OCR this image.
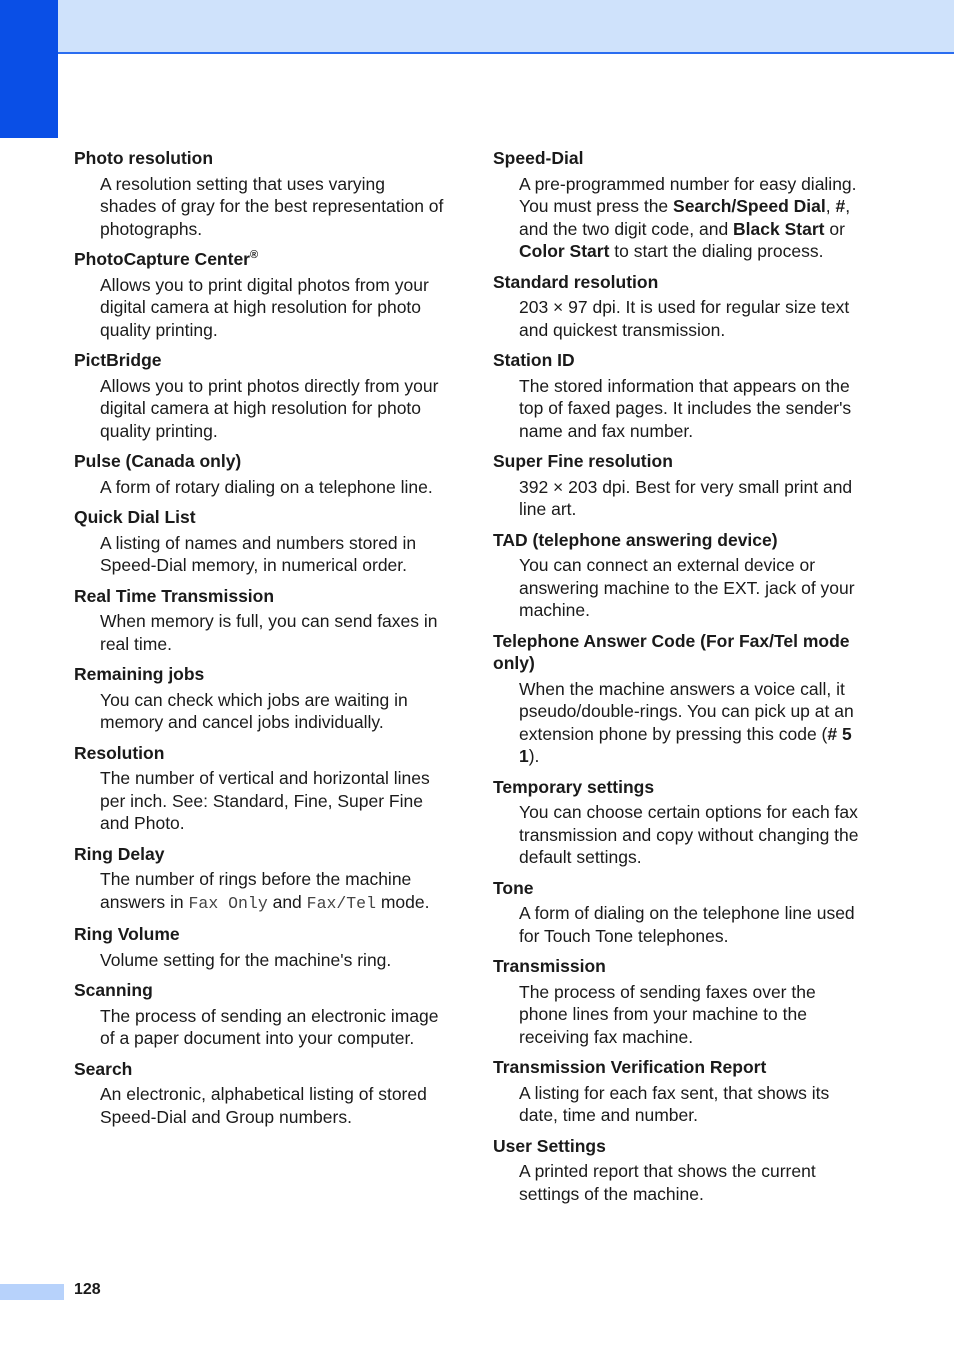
Photo resolution

A resolution setting that uses varying shades of gray for the best representation of photographs.

PhotoCapture Center®

Allows you to print digital photos from your digital camera at high resolution for photo quality printing.

PictBridge

Allows you to print photos directly from your digital camera at high resolution for photo quality printing.

Pulse (Canada only)

A form of rotary dialing on a telephone line.

Quick Dial List

A listing of names and numbers stored in Speed-Dial memory, in numerical order.

Real Time Transmission

When memory is full, you can send faxes in real time.

Remaining jobs

You can check which jobs are waiting in memory and cancel jobs individually.

Resolution

The number of vertical and horizontal lines per inch. See: Standard, Fine, Super Fine and Photo.

Ring Delay

The number of rings before the machine answers in Fax Only and Fax/Tel mode.

Ring Volume

Volume setting for the machine's ring.

Scanning

The process of sending an electronic image of a paper document into your computer.

Search

An electronic, alphabetical listing of stored Speed-Dial and Group numbers.

Speed-Dial

A pre-programmed number for easy dialing. You must press the Search/Speed Dial, #, and the two digit code, and Black Start or Color Start to start the dialing process.

Standard resolution

203 × 97 dpi. It is used for regular size text and quickest transmission.

Station ID

The stored information that appears on the top of faxed pages. It includes the sender's name and fax number.

Super Fine resolution

392 × 203 dpi. Best for very small print and line art.

TAD (telephone answering device)

You can connect an external device or answering machine to the EXT. jack of your machine.

Telephone Answer Code (For Fax/Tel mode only)

When the machine answers a voice call, it pseudo/double-rings. You can pick up at an extension phone by pressing this code (# 5 1).

Temporary settings

You can choose certain options for each fax transmission and copy without changing the default settings.

Tone

A form of dialing on the telephone line used for Touch Tone telephones.

Transmission

The process of sending faxes over the phone lines from your machine to the receiving fax machine.

Transmission Verification Report

A listing for each fax sent, that shows its date, time and number.

User Settings

A printed report that shows the current settings of the machine.

128
